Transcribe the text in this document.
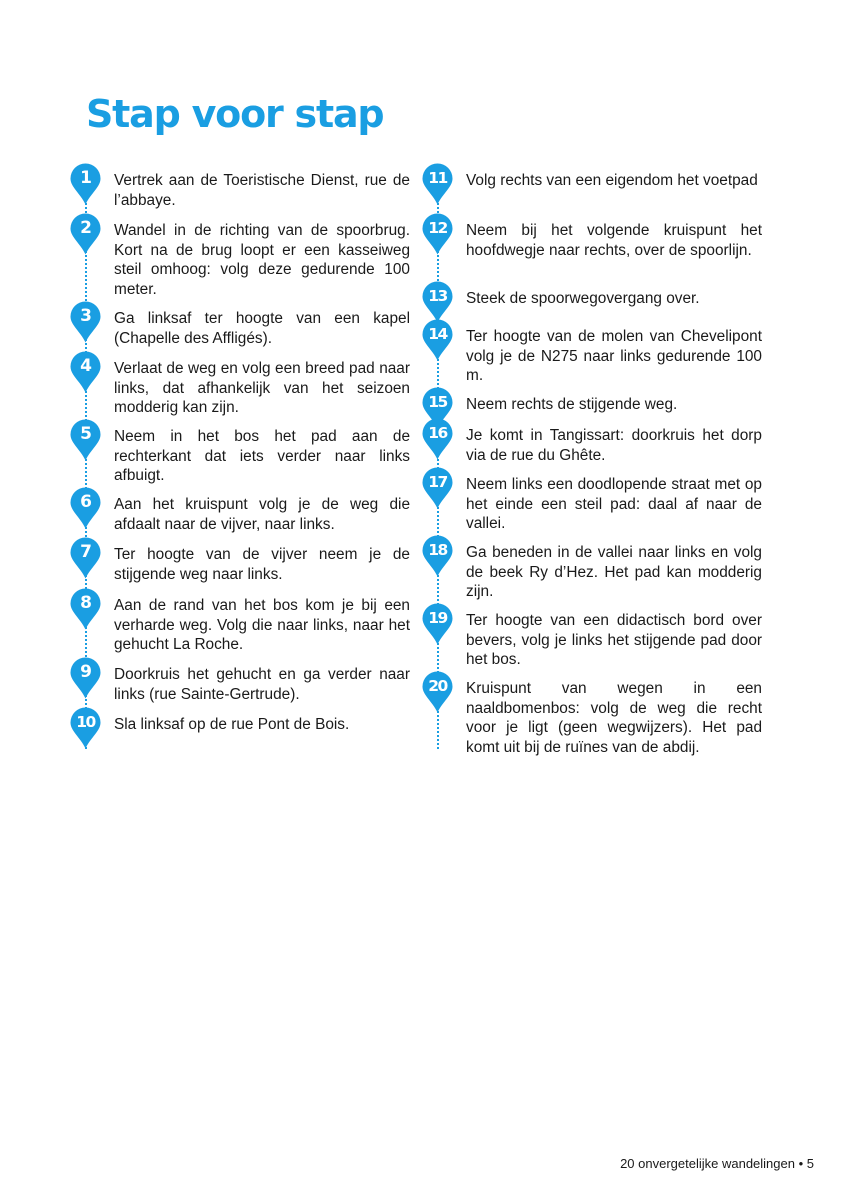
Stap voor stap
1	Vertrek aan de Toeristische Dienst, rue de l’abbaye.
2	Wandel in de richting van de spoorbrug. Kort na de brug loopt er een kasseiweg steil omhoog: volg deze gedurende 100 meter.
3	Ga linksaf ter hoogte van een kapel (Chapelle des Affligés).
4	Verlaat de weg en volg een breed pad naar links, dat afhankelijk van het seizoen modderig kan zijn.
5	Neem in het bos het pad aan de rechterkant dat iets verder naar links afbuigt.
6	Aan het kruispunt volg je de weg die afdaalt naar de vijver, naar links.
7	Ter hoogte van de vijver neem je de stijgende weg naar links.
8	Aan de rand van het bos kom je bij een verharde weg. Volg die naar links, naar het gehucht La Roche.
9	Doorkruis het gehucht en ga verder naar links (rue Sainte-Gertrude).
10	Sla linksaf op de rue Pont de Bois.
11	Volg rechts van een eigendom het voetpad
12	Neem bij het volgende kruispunt het hoofdwegje naar rechts, over de spoorlijn.
13	Steek de spoorwegovergang over.
14	Ter hoogte van de molen van Chevelipont volg je de N275 naar links gedurende 100 m.
15	Neem rechts de stijgende weg.
16	Je komt in Tangissart: doorkruis het dorp via de rue du Ghête.
17	Neem links een doodlopende straat met op het einde een steil pad: daal af naar de vallei.
18	Ga beneden in de vallei naar links en volg de beek Ry d’Hez. Het pad kan modderig zijn.
19	Ter hoogte van een didactisch bord over bevers, volg je links het stijgende pad door het bos.
20	Kruispunt van wegen in een naaldbomenbos: volg de weg die recht voor je ligt (geen wegwijzers). Het pad komt uit bij de ruïnes van de abdij.
20 onvergetelijke wandelingen • 5
